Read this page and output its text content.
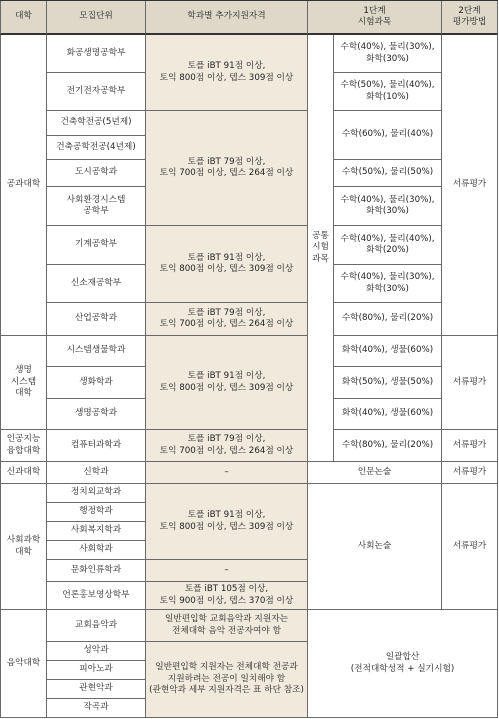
대학	모집단위	학과별 추가지원자격
1단계
시험과목
2단계
평가방법
공과대학
생명
시스템
대학
인공지능
융합대학
신과대학
사회과학
대학
음악대학
화공생명공학부
전기전자공학부
건축학전공(5년제)
건축공학전공(4년제)
도시공학과
사회환경시스템
공학부
기계공학부
신소재공학부
산업공학과
시스템생물학과
생화학과
생명공학과
컴퓨터과학과
신학과
정치외교학과
행정학과
사회복지학과
사회학과
문화인류학과
언론홍보영상학부
교회음악과
성악과
피아노과
관현악과
작곡과
토플 iBT 91점 이상,
토익 800점 이상, 텝스 309점 이상
토플 iBT 79점 이상,
토익 700점 이상, 텝스 264점 이상
토플 iBT 91점 이상,
토익 800점 이상, 텝스 309점 이상
토플 iBT 79점 이상,
토익 700점 이상, 텝스 264점 이상
토플 iBT 91점 이상,
토익 800점 이상, 텝스 309점 이상
토플 iBT 79점 이상,
토익 700점 이상, 텝스 264점 이상
–
토플 iBT 91점 이상,
토익 800점 이상, 텝스 309점 이상
–
토플 iBT 105점 이상,
토익 900점 이상, 텝스 370점 이상
일반편입학 교회음악과 지원자는
전체대학 음악 전공자여야 함
일반편입학 지원자는 전체대학 전공과
지원하려는 전공이 일치해야 함
(관현악과 세부 지원자격은 표 하단 참조)
공통
시험
과목
수학(40%), 물리(30%),
화학(30%)
수학(50%), 물리(40%),
화학(10%)
수학(60%), 물리(40%)
수학(50%), 물리(50%)
수학(40%), 물리(30%),
화학(30%)
수학(40%), 물리(40%),
화학(20%)
수학(40%), 물리(30%),
화학(30%)
수학(80%), 물리(20%)
화학(40%), 생물(60%)
화학(50%), 생물(50%)
화학(40%), 생물(60%)
수학(80%), 물리(20%)
인문논술
사회논술
서류평가
서류평가
서류평가
서류평가
서류평가
일괄합산
(전적대학성적 + 실기시험)
